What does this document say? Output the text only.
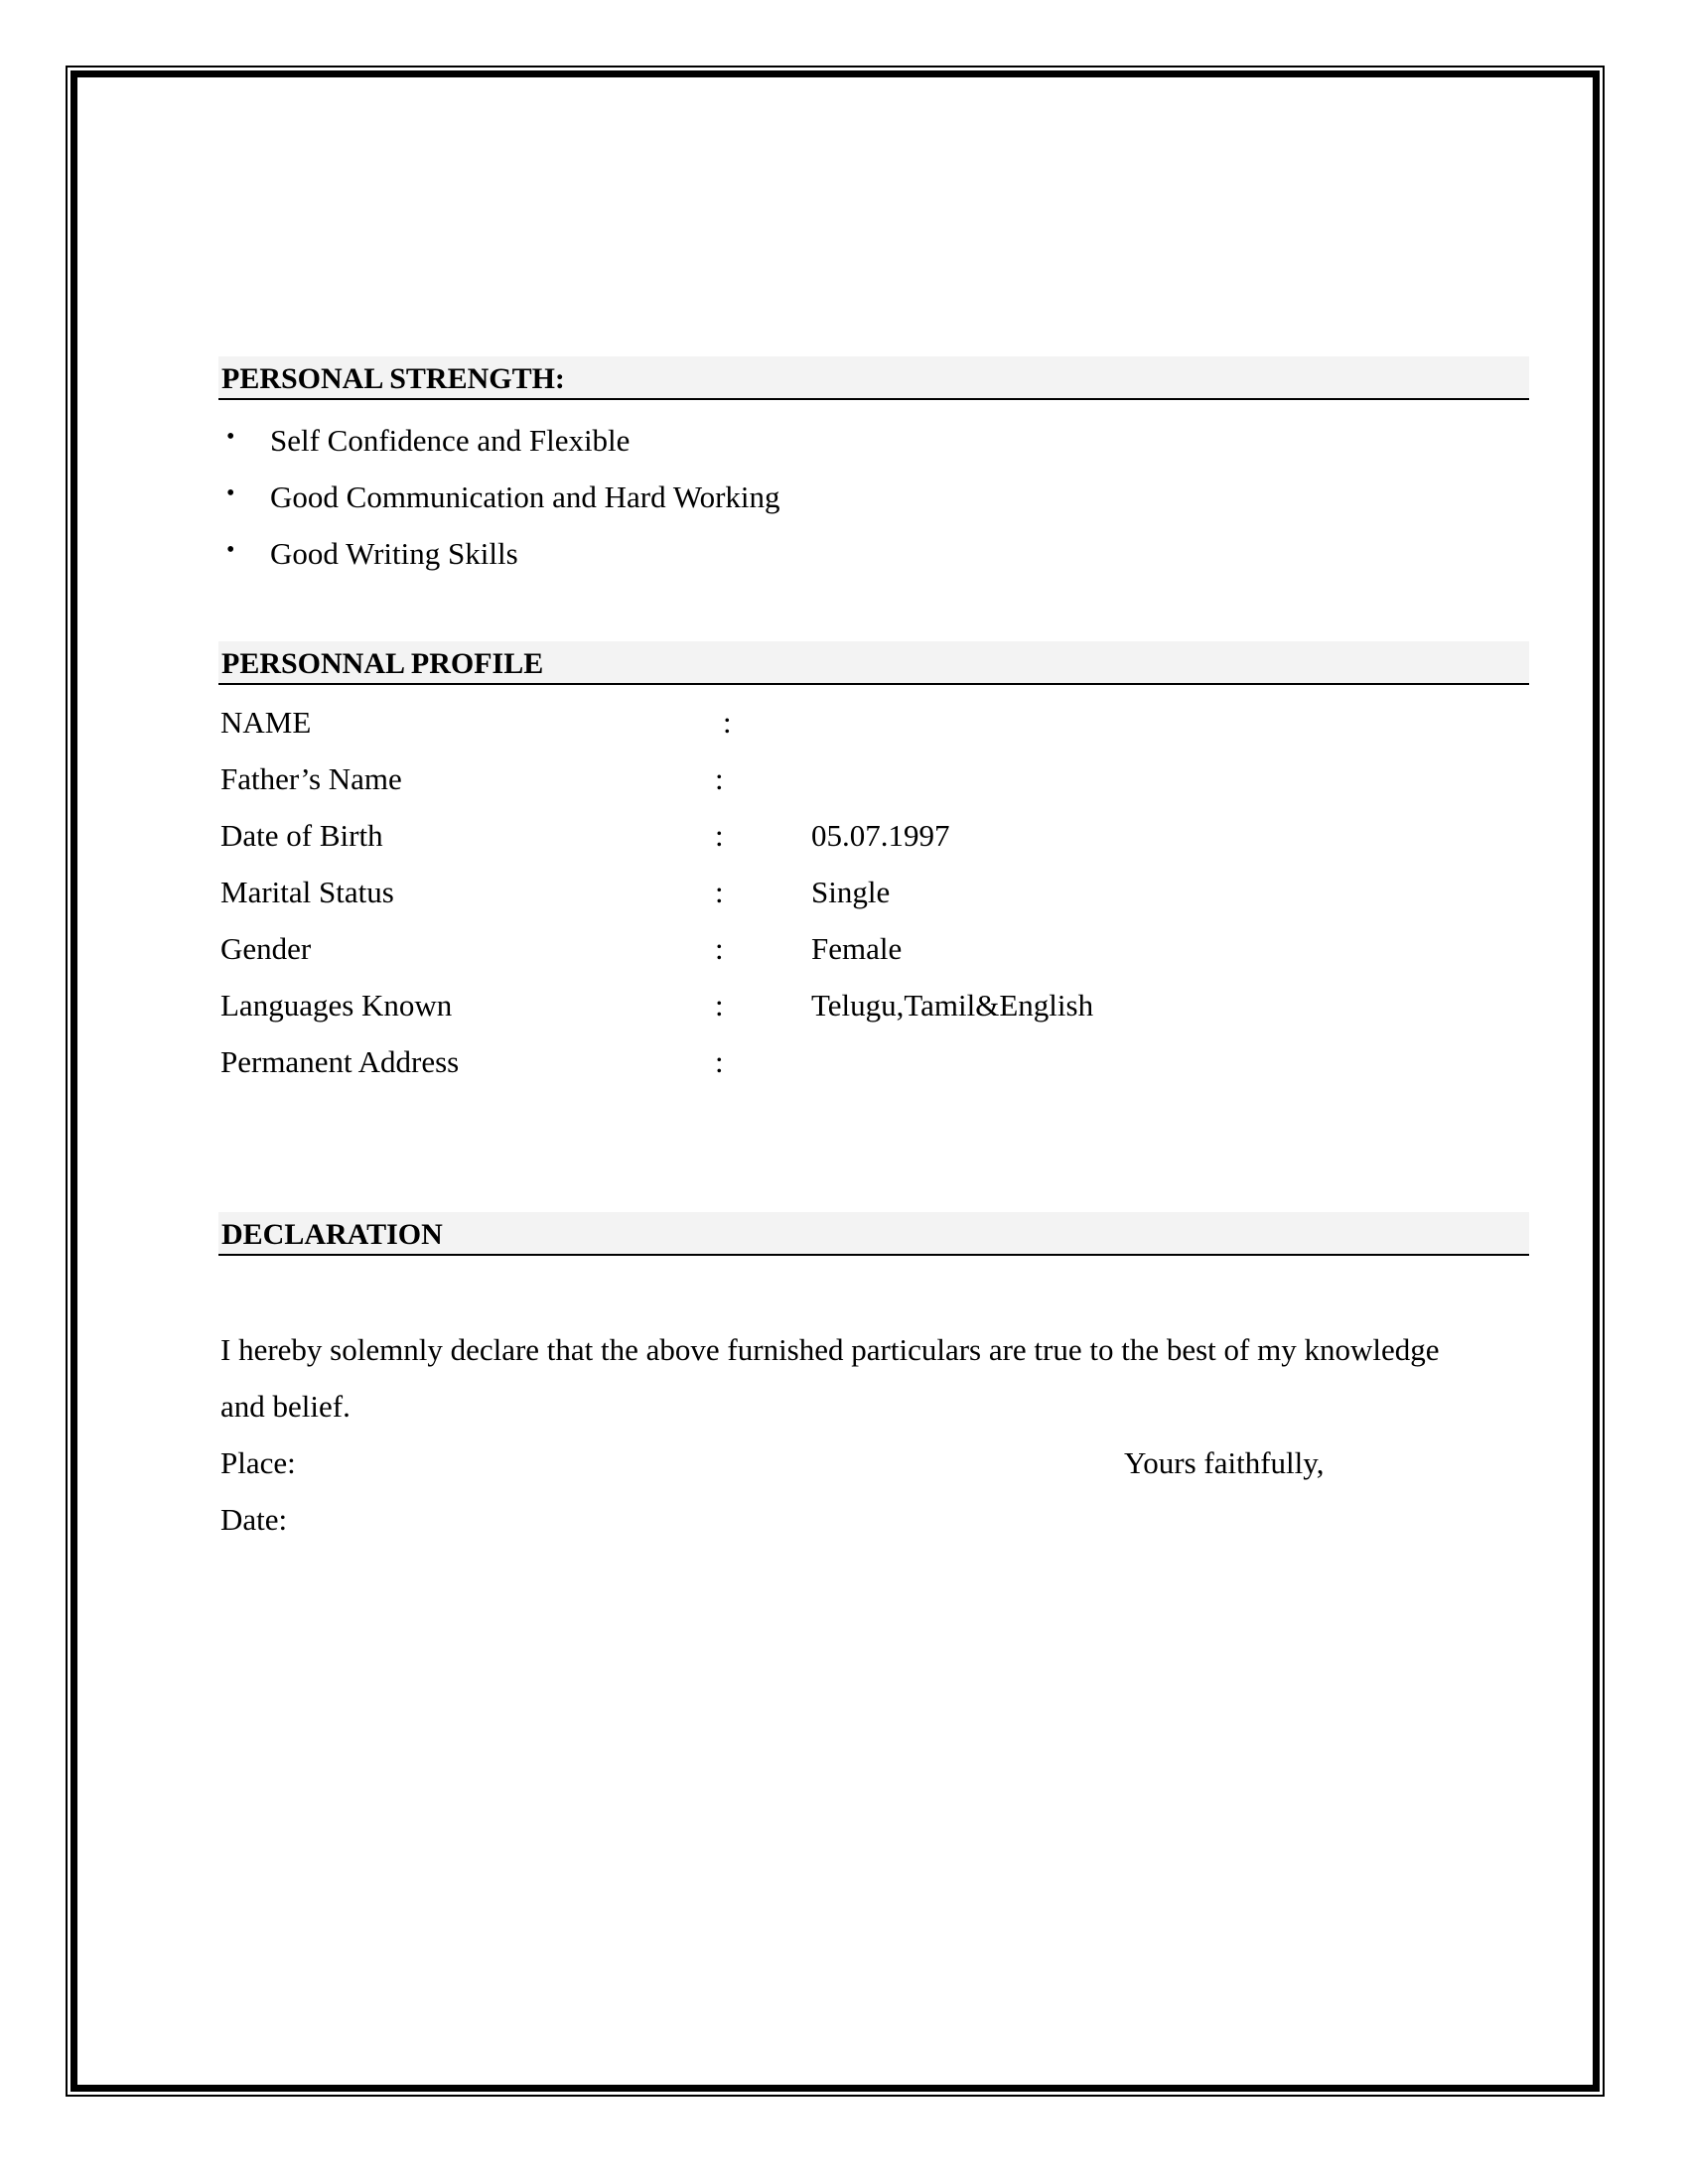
PERSONAL STRENGTH:
• Self Confidence and Flexible
• Good Communication and Hard Working
• Good Writing Skills
PERSONNAL PROFILE
NAME	:
Father’s Name	:
Date of Birth	:	05.07.1997
Marital Status	:	Single
Gender	:	Female
Languages Known	:	Telugu,Tamil&English
Permanent Address	:
DECLARATION
I hereby solemnly declare that the above furnished particulars are true to the best of my knowledge
and belief.
Place:	Yours faithfully,
Date:
